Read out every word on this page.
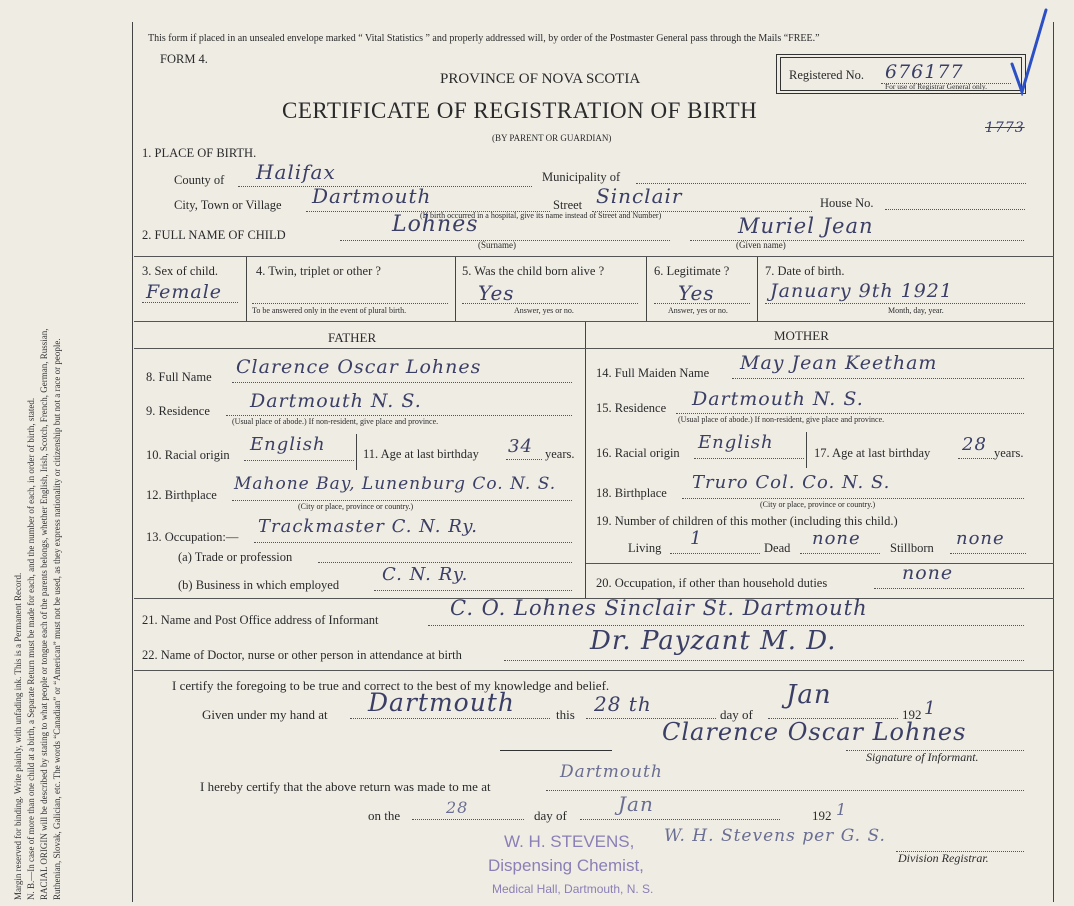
Margin reserved for binding. Write plainly, with unfading ink. This is a Permanent Record. N. B.—In case of more than one child at a birth, a Separate Return must be made for each, and the number of each, in order of birth, stated. RACIAL ORIGIN will be described by stating to what people or tongue each of the parents belongs, whether English, Irish, Scotch, French, German, Russian, Ruthenian, Slovak, Galician, etc. The words “Canadian” or “American” must not be used, as they express nationality or citizenship but not a race or people.
This form if placed in an unsealed envelope marked “ Vital Statistics ” and properly addressed will, by order of the Postmaster General pass through the Mails “FREE.”
FORM 4.
PROVINCE OF NOVA SCOTIA
CERTIFICATE OF REGISTRATION OF BIRTH
(BY PARENT OR GUARDIAN)
Registered No. 676177
For use of Registrar General only.
1773
1. PLACE OF BIRTH.
County of Halifax	Municipality of
City, Town or Village Dartmouth	Street Sinclair	House No.
(If birth occurred in a hospital, give its name instead of Street and Number)
2. FULL NAME OF CHILD	Lohnes
(Surname)
Muriel Jean
(Given name)
3. Sex of child.
Female
4. Twin, triplet or other ?
To be answered only in the event of plural birth.
5. Was the child born alive ?
Yes
Answer, yes or no.
6. Legitimate ?
Yes
Answer, yes or no.
7. Date of birth.
January 9th 1921
Month, day, year.
FATHER	MOTHER
8. Full Name Clarence Oscar Lohnes
9. Residence Dartmouth N. S.
(Usual place of abode.) If non-resident, give place and province.
10. Racial origin English	11. Age at last birthday 34 years.
12. Birthplace
Mahone Bay, Lunenburg Co. N. S.
(City or place, province or country.)
13. Occupation:— Trackmaster C. N. Ry.
(a) Trade or profession
(b) Business in which employed C. N. Ry.
14. Full Maiden Name May Jean Keetham
15. Residence Dartmouth N. S.
(Usual place of abode.) If non-resident, give place and province.
16. Racial origin English	17. Age at last birthday 28 years.
18. Birthplace Truro Col. Co. N. S.
(City or place, province or country.)
19. Number of children of this mother (including this child.)
Living 1	Dead none Stillborn none
20. Occupation, if other than household duties	none
21. Name and Post Office address of Informant	C. O. Lohnes Sinclair St. Dartmouth
22. Name of Doctor, nurse or other person in attendance at birth	Dr. Payzant M. D.
I certify the foregoing to be true and correct to the best of my knowledge and belief.
Given under my hand at Dartmouth	this 28 th	day of
Jan
192 1
Clarence Oscar Lohnes
Signature of Informant.
I hereby certify that the above return was made to me at
Dartmouth
on the	28	day of	Jan	192 1
W. H. Stevens per G. S.
Division Registrar.
W. H. STEVENS,
Dispensing Chemist,
Medical Hall, Dartmouth, N. S.
